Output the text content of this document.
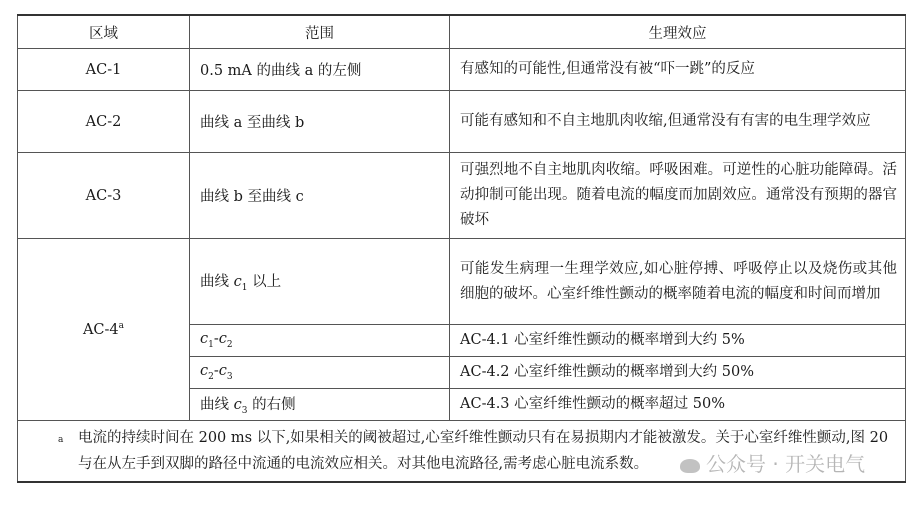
区域	范围	生理效应
AC-1	0.5 mA 的曲线 a 的左侧	有感知的可能性,但通常没有被“吓一跳”的反应
AC-2	曲线 a 至曲线 b	可能有感知和不自主地肌肉收缩,但通常没有有害的电生理学效应
AC-3	曲线 b 至曲线 c	可强烈地不自主地肌肉收缩。呼吸困难。可逆性的心脏功能障碍。活动抑制可能出现。随着电流的幅度而加剧效应。通常没有预期的器官破坏
AC-4$^a$	曲线 $c_1$ 以上	可能发生病理一生理学效应,如心脏停搏、呼吸停止以及烧伤或其他细胞的破坏。心室纤维性颤动的概率随着电流的幅度和时间而增加
	$c_1-c_2$	AC-4.1 心室纤维性颤动的概率增到大约 5%
	$c_2-c_3$	AC-4.2 心室纤维性颤动的概率增到大约 50%
	曲线 $c_3$ 的右侧	AC-4.3 心室纤维性颤动的概率超过 50%

a 电流的持续时间在 200 ms 以下,如果相关的阈被超过,心室纤维性颤动只有在易损期内才能被激发。关于心室纤维性颤动,图 20 与在从左手到双脚的路径中流通的电流效应相关。对其他电流路径,需考虑心脏电流系数。			公众号 · 开关电气
